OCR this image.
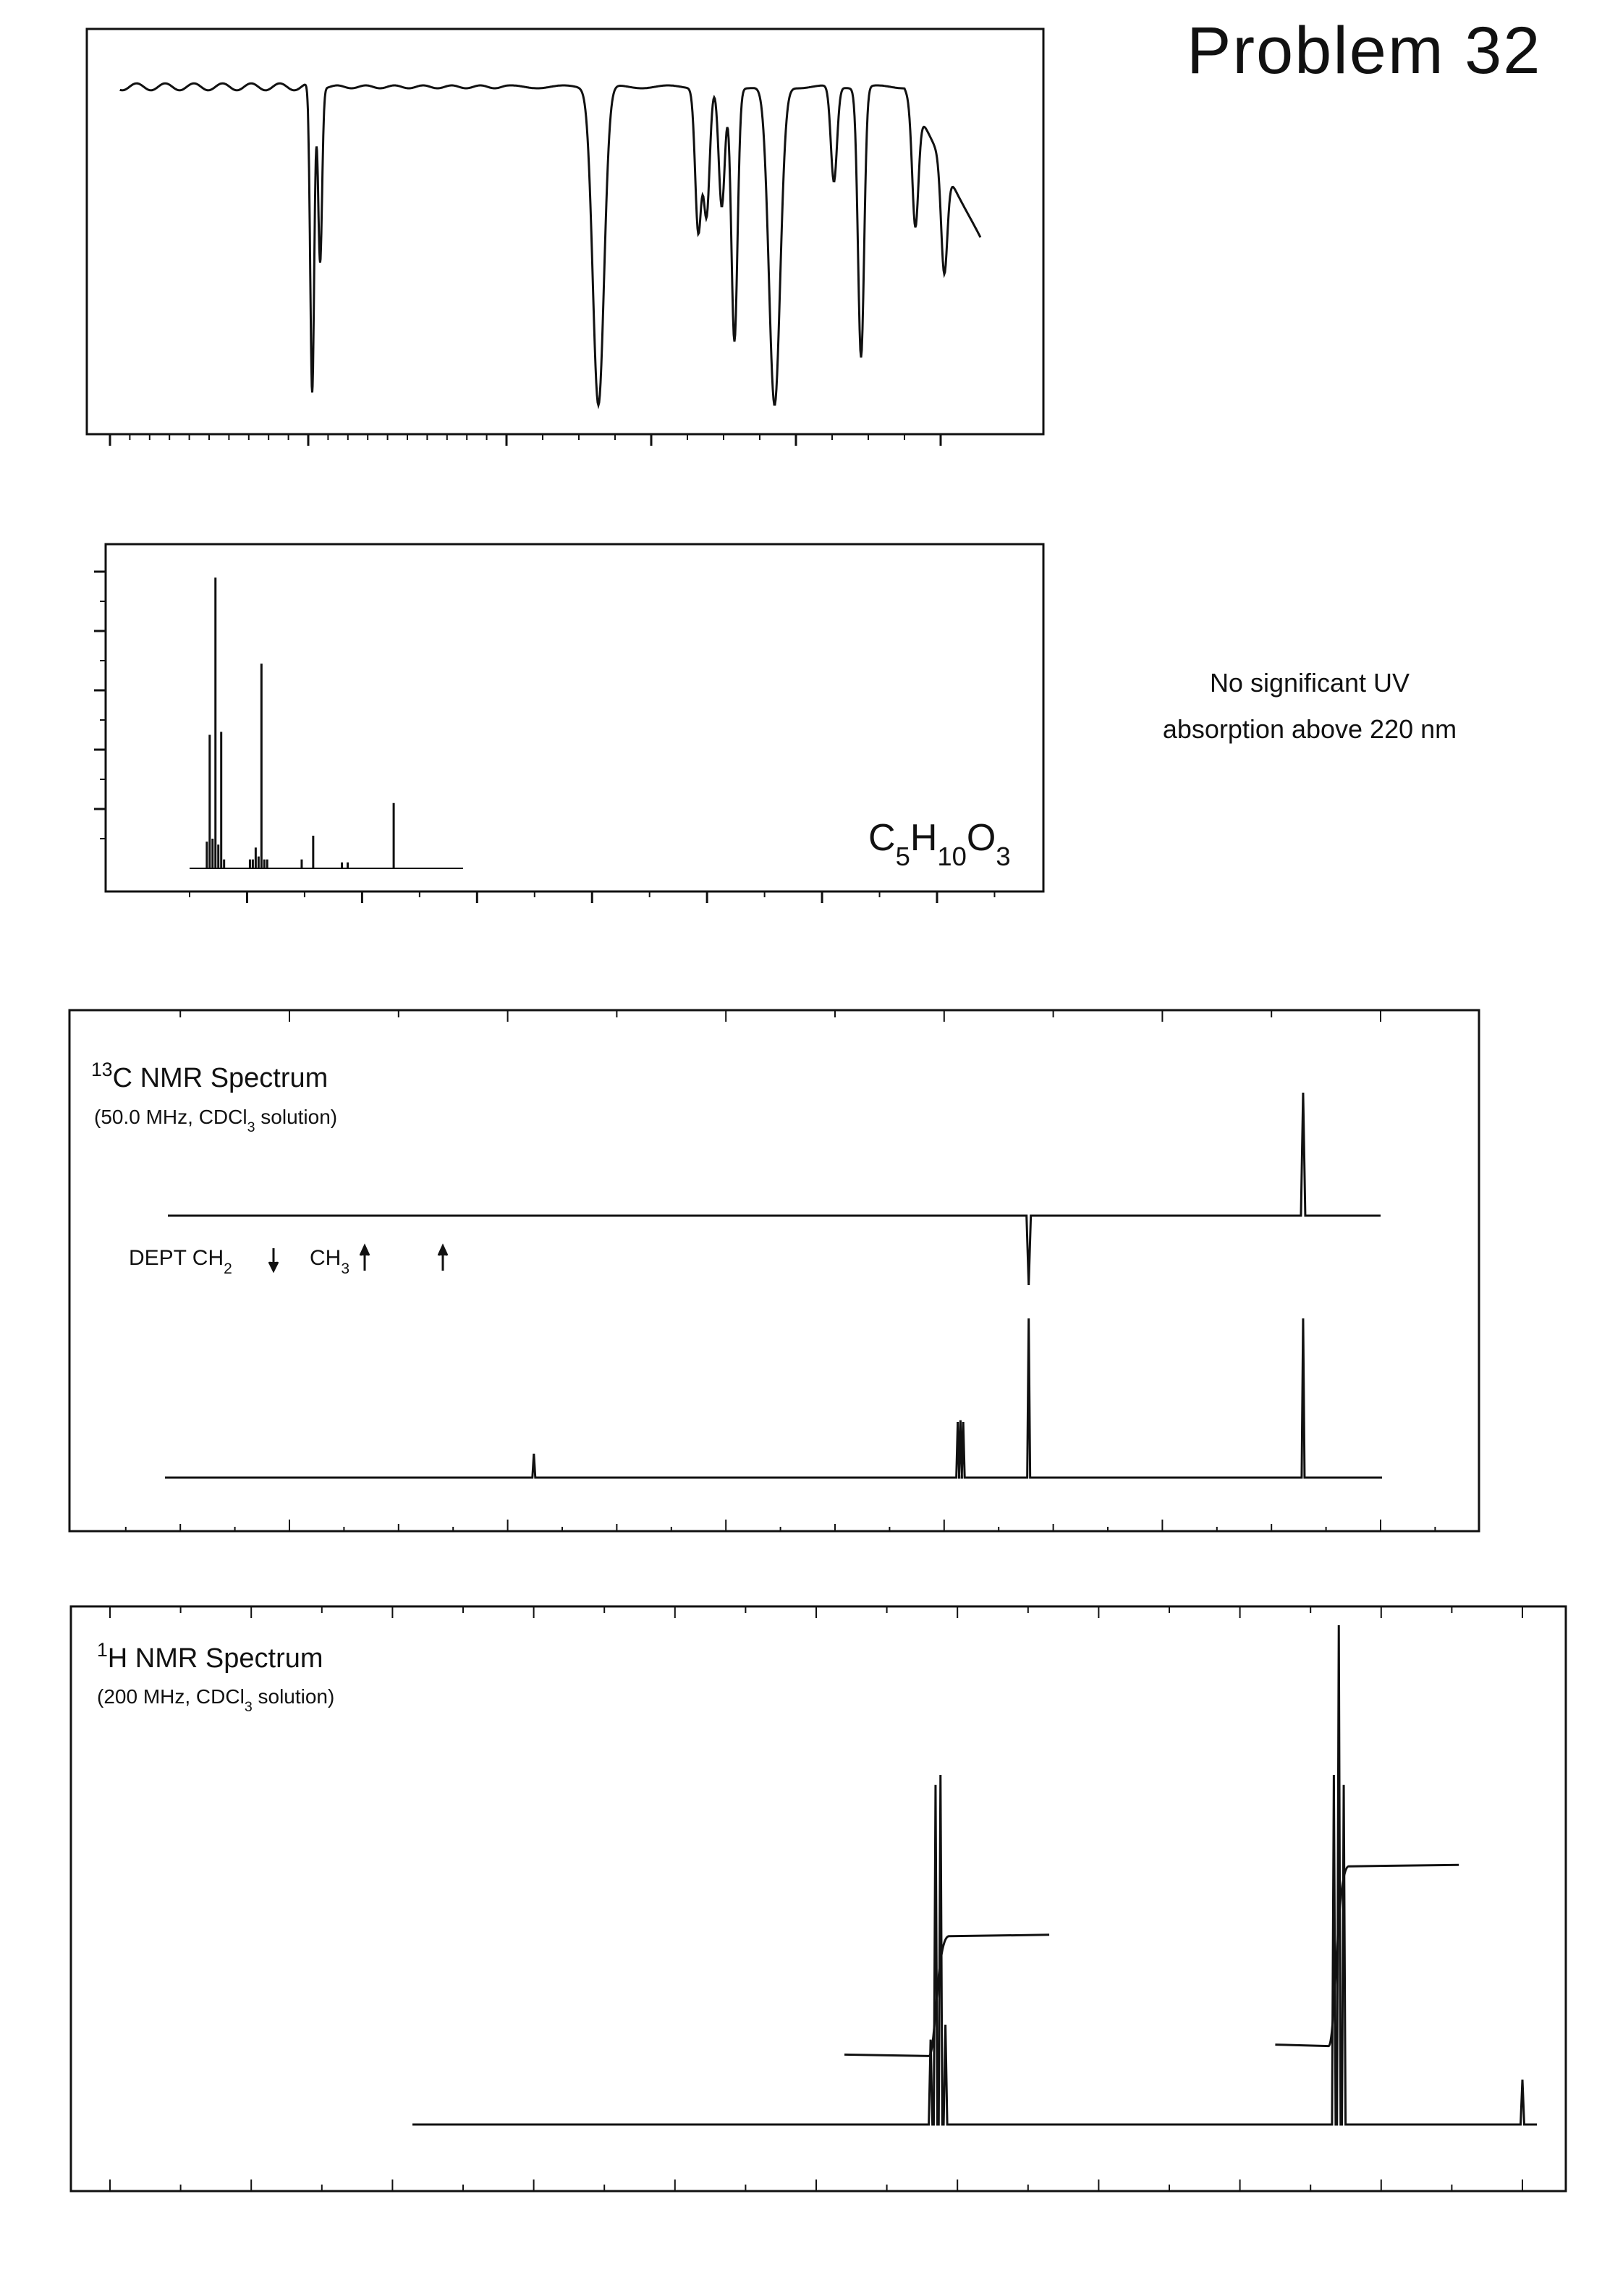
Problem 32
No significant UV
absorption above 220 nm
$C_5H_{10}O_3$
$^{13}$C NMR Spectrum
(50.0 MHz, CDCl$_3$ solution)
DEPT $CH_2$	$CH_3$
$^1$H NMR Spectrum
(200 MHz, CDCl$_3$ solution)
